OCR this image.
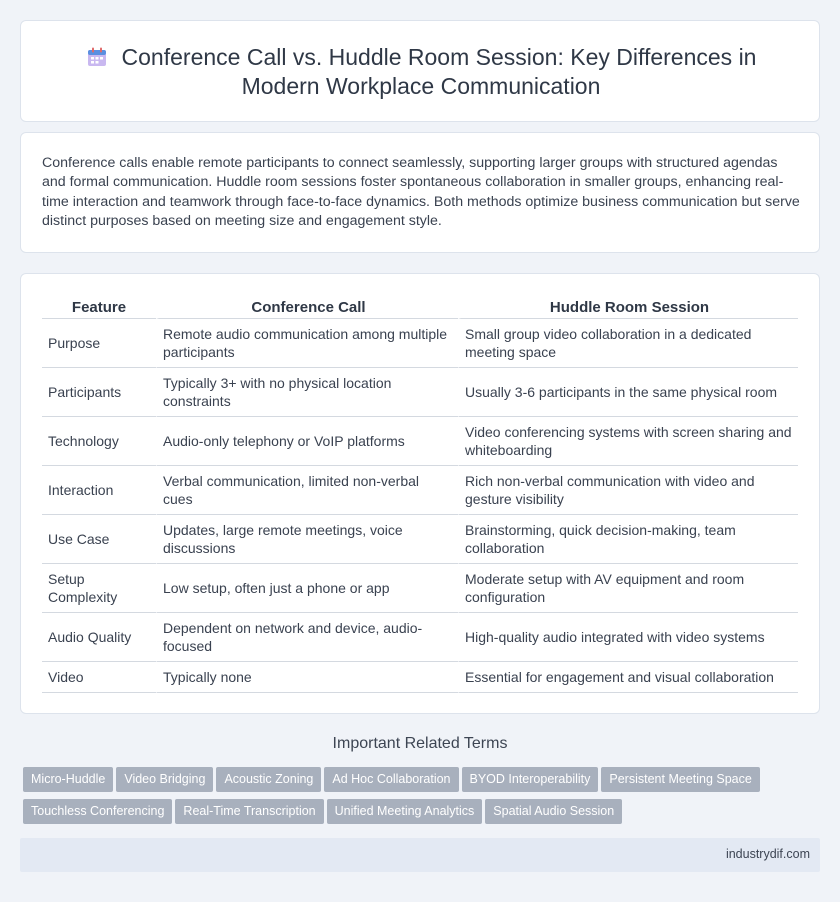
Conference Call vs. Huddle Room Session: Key Differences in Modern Workplace Communication

Conference calls enable remote participants to connect seamlessly, supporting larger groups with structured agendas and formal communication. Huddle room sessions foster spontaneous collaboration in smaller groups, enhancing real-time interaction and teamwork through face-to-face dynamics. Both methods optimize business communication but serve distinct purposes based on meeting size and engagement style.

Feature	Conference Call	Huddle Room Session
Purpose	Remote audio communication among multiple participants	Small group video collaboration in a dedicated meeting space
Participants	Typically 3+ with no physical location constraints	Usually 3-6 participants in the same physical room
Technology	Audio-only telephony or VoIP platforms	Video conferencing systems with screen sharing and whiteboarding
Interaction	Verbal communication, limited non-verbal cues	Rich non-verbal communication with video and gesture visibility
Use Case	Updates, large remote meetings, voice discussions	Brainstorming, quick decision-making, team collaboration
Setup Complexity	Low setup, often just a phone or app	Moderate setup with AV equipment and room configuration
Audio Quality	Dependent on network and device, audio-focused	High-quality audio integrated with video systems
Video	Typically none	Essential for engagement and visual collaboration
Important Related Terms
Micro-Huddle Video Bridging Acoustic Zoning Ad Hoc Collaboration BYOD Interoperability Persistent Meeting SpaceTouchless Conferencing Real-Time Transcription Unified Meeting Analytics Spatial Audio Session
industrydif.com
